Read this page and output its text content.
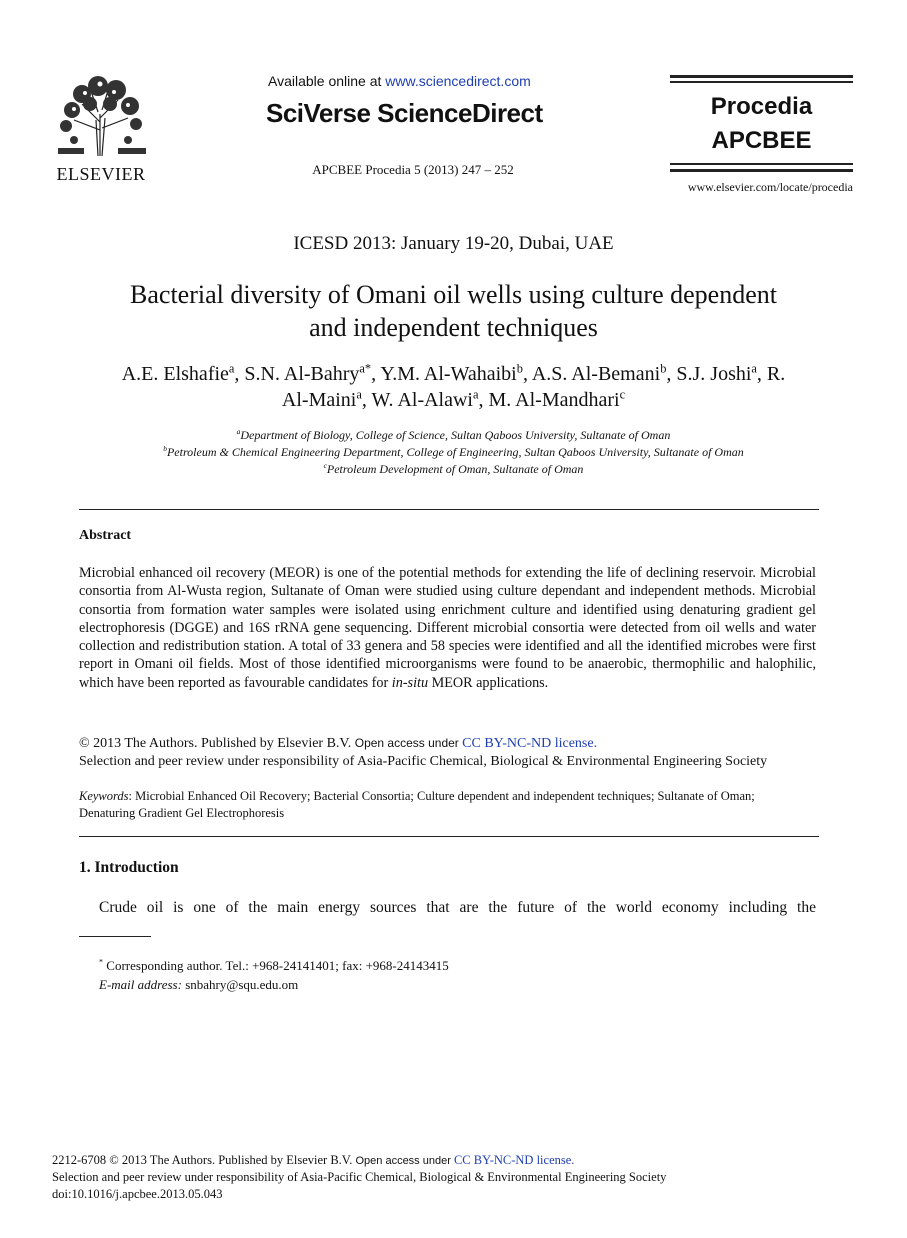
ELSEVIER
Available online at www.sciencedirect.com
SciVerse ScienceDirect
APCBEE Procedia 5 (2013) 247 – 252
Procedia
APCBEE
www.elsevier.com/locate/procedia
ICESD 2013: January 19-20, Dubai, UAE
Bacterial diversity of Omani oil wells using culture dependent
and independent techniques
A.E. Elshafie$^a$, S.N. Al-Bahry$^{a*}$, Y.M. Al-Wahaibi$^b$, A.S. Al-Bemani$^b$, S.J. Joshi$^a$, R.
Al-Maini$^a$, W. Al-Alawi$^a$, M. Al-Mandhari$^c$
$^a$Department of Biology, College of Science, Sultan Qaboos University, Sultanate of Oman
$^b$Petroleum & Chemical Engineering Department, College of Engineering, Sultan Qaboos University, Sultanate of Oman
$^c$Petroleum Development of Oman, Sultanate of Oman
Abstract
Microbial enhanced oil recovery (MEOR) is one of the potential methods for extending the life of declining reservoir. Microbial consortia from Al-Wusta region, Sultanate of Oman were studied using culture dependant and independent methods. Microbial consortia from formation water samples were isolated using enrichment culture and identified using denaturing gradient gel electrophoresis (DGGE) and 16S rRNA gene sequencing. Different microbial consortia were detected from oil wells and water collection and redistribution station. A total of 33 genera and 58 species were identified and all the identified microbes were first report in Omani oil fields. Most of those identified microorganisms were found to be anaerobic, thermophilic and halophilic, which have been reported as favourable candidates for in-situ MEOR applications.
© 2013 The Authors. Published by Elsevier B.V. Open access under CC BY-NC-ND license.
Selection and peer review under responsibility of Asia-Pacific Chemical, Biological & Environmental Engineering Society
Keywords: Microbial Enhanced Oil Recovery; Bacterial Consortia; Culture dependent and independent techniques; Sultanate of Oman;
Denaturing Gradient Gel Electrophoresis
1. Introduction
Crude oil is one of the main energy sources that are the future of the world economy including the
* Corresponding author. Tel.: +968-24141401; fax: +968-24143415
E-mail address: snbahry@squ.edu.om
2212-6708 © 2013 The Authors. Published by Elsevier B.V. Open access under CC BY-NC-ND license.
Selection and peer review under responsibility of Asia-Pacific Chemical, Biological & Environmental Engineering Society
doi:10.1016/j.apcbee.2013.05.043
